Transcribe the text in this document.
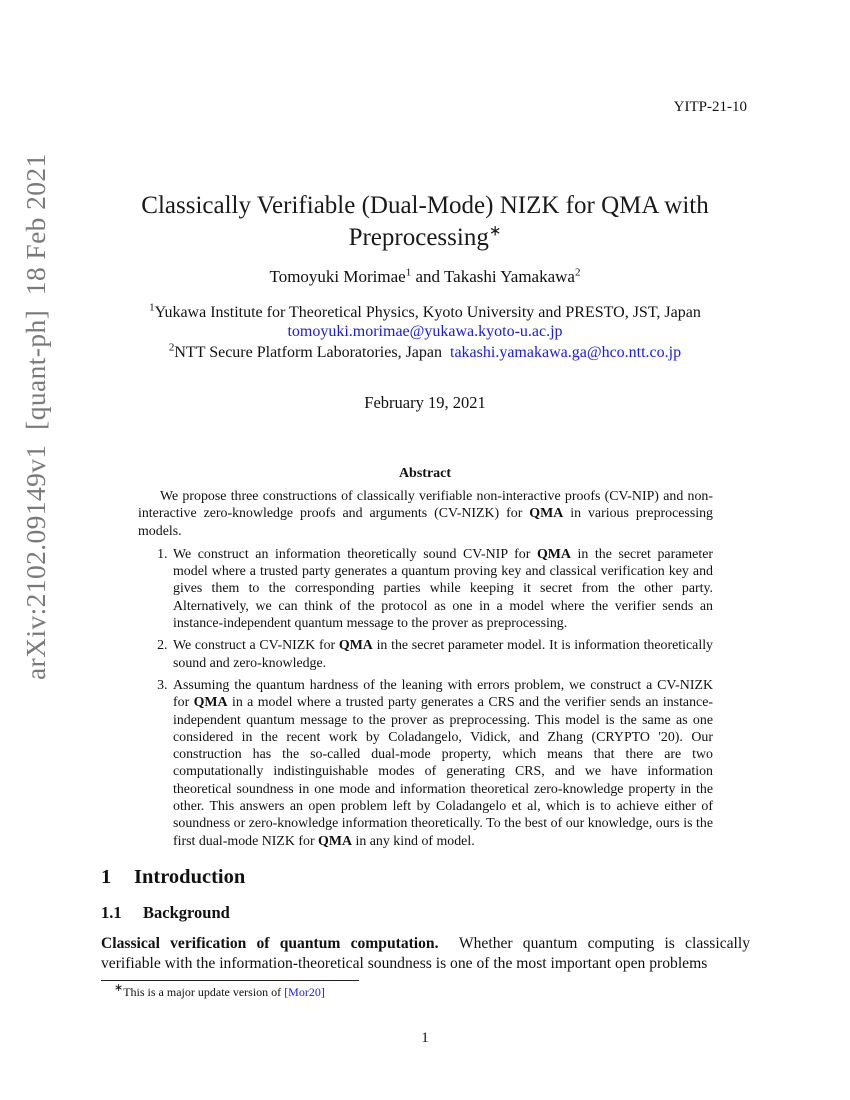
YITP-21-10
arXiv:2102.09149v1  [quant-ph]  18 Feb 2021	Classically Verifiable (Dual-Mode) NIZK for QMA with
Preprocessing∗
Tomoyuki Morimae$^1$ and Takashi Yamakawa$^2$
$^1$Yukawa Institute for Theoretical Physics, Kyoto University and PRESTO, JST, Japan
tomoyuki.morimae@yukawa.kyoto-u.ac.jp
$^2$NTT Secure Platform Laboratories, Japan takashi.yamakawa.ga@hco.ntt.co.jp
February 19, 2021
Abstract

We propose three constructions of classically verifiable non-interactive proofs (CV-NIP) and non-interactive zero-knowledge proofs and arguments (CV-NIZK) for QMA in various preprocessing models.

1. We construct an information theoretically sound CV-NIP for QMA in the secret parameter model where a trusted party generates a quantum proving key and classical verification key and gives them to the corresponding parties while keeping it secret from the other party. Alternatively, we can think of the protocol as one in a model where the verifier sends an instance-independent quantum message to the prover as preprocessing.
2. We construct a CV-NIZK for QMA in the secret parameter model. It is information theoretically sound and zero-knowledge.
3. Assuming the quantum hardness of the leaning with errors problem, we construct a CV-NIZK for QMA in a model where a trusted party generates a CRS and the verifier sends an instance-independent quantum message to the prover as preprocessing. This model is the same as one considered in the recent work by Coladangelo, Vidick, and Zhang (CRYPTO '20). Our construction has the so-called dual-mode property, which means that there are two computationally indistinguishable modes of generating CRS, and we have information theoretical soundness in one mode and information theoretical zero-knowledge property in the other. This answers an open problem left by Coladangelo et al, which is to achieve either of soundness or zero-knowledge information theoretically. To the best of our knowledge, ours is the first dual-mode NIZK for QMA in any kind of model.
1 Introduction
1.1 Background
Classical verification of quantum computation. Whether quantum computing is classically verifiable with the information-theoretical soundness is one of the most important open problems
∗This is a major update version of [Mor20]
1
